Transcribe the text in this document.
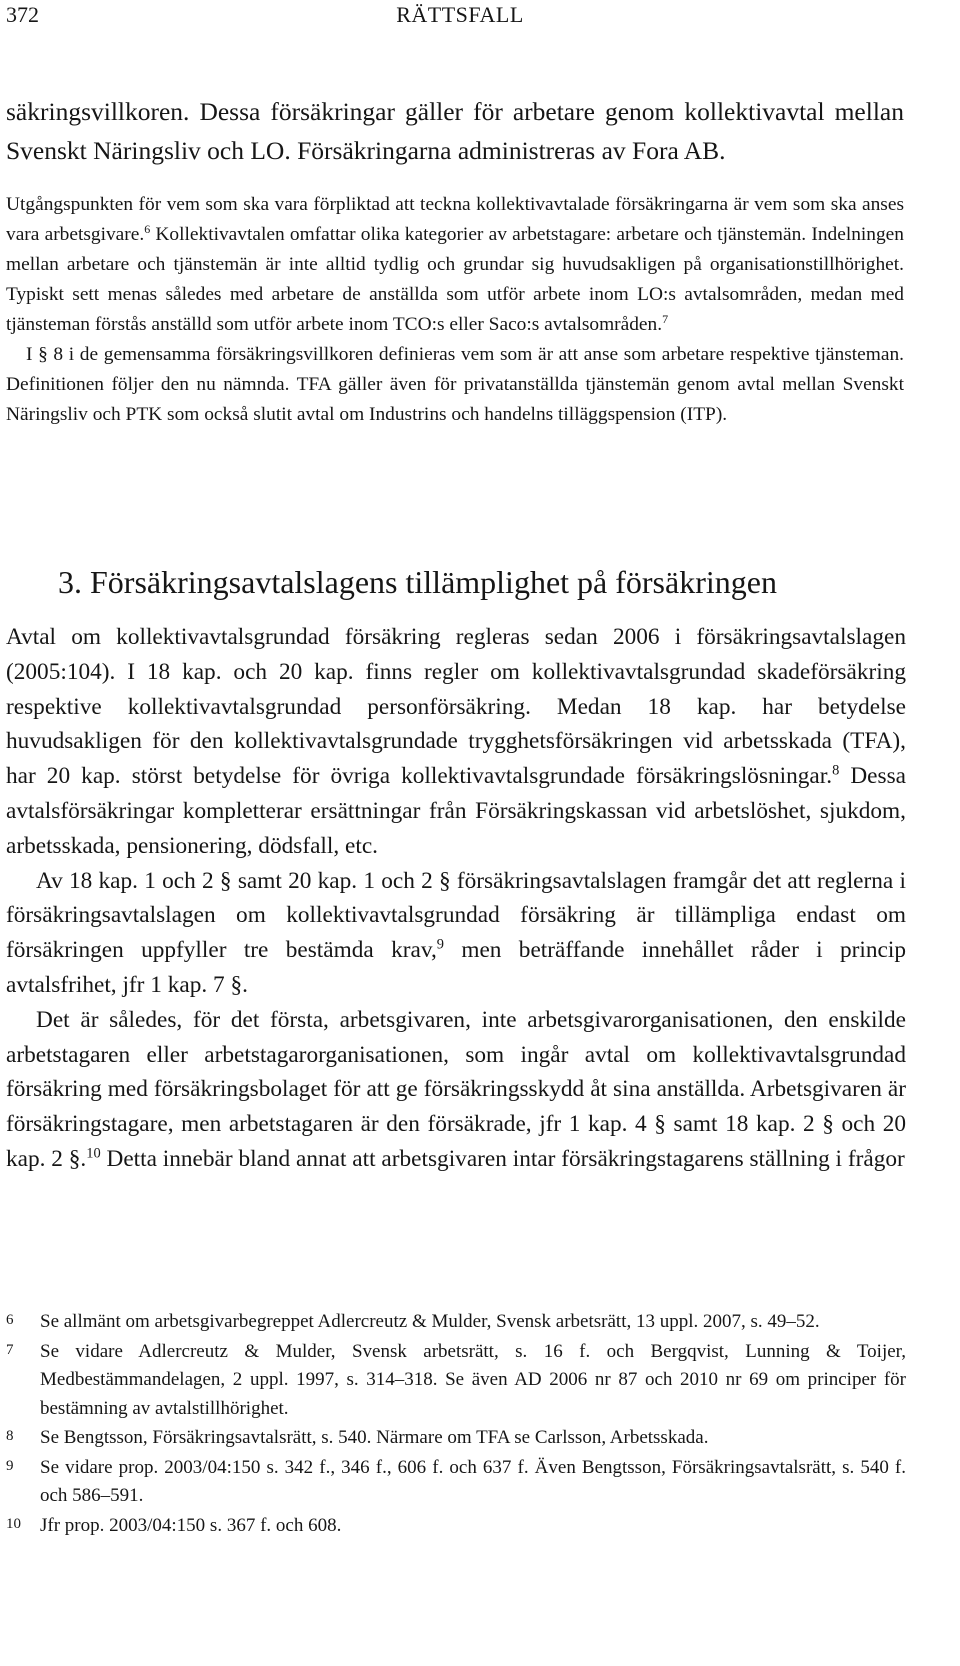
372	RÄTTSFALL

säkringsvillkoren. Dessa försäkringar gäller för arbetare genom kollektivavtal mellan Svenskt Näringsliv och LO. Försäkringarna administreras av Fora AB.

Utgångspunkten för vem som ska vara förpliktad att teckna kollektivavtalade försäkringarna är vem som ska anses vara arbetsgivare.$^6$ Kollektivavtalen omfattar olika kategorier av arbetstagare: arbetare och tjänstemän. Indelningen mellan arbetare och tjänstemän är inte alltid tydlig och grundar sig huvudsakligen på organisationstillhörighet. Typiskt sett menas således med arbetare de anställda som utför arbete inom LO:s avtalsområden, medan med tjänsteman förstås anställd som utför arbete inom TCO:s eller Saco:s avtalsområden.$^7$

I § 8 i de gemensamma försäkringsvillkoren definieras vem som är att anse som arbetare respektive tjänsteman. Definitionen följer den nu nämnda. TFA gäller även för privatanställda tjänstemän genom avtal mellan Svenskt Näringsliv och PTK som också slutit avtal om Industrins och handelns tilläggspension (ITP).

3. Försäkringsavtalslagens tillämplighet på försäkringen

Avtal om kollektivavtalsgrundad försäkring regleras sedan 2006 i försäkringsavtalslagen (2005:104). I 18 kap. och 20 kap. finns regler om kollektivavtalsgrundad skadeförsäkring respektive kollektivavtalsgrundad personförsäkring. Medan 18 kap. har betydelse huvudsakligen för den kollektivavtalsgrundade trygghetsförsäkringen vid arbetsskada (TFA), har 20 kap. störst betydelse för övriga kollektivavtalsgrundade försäkringslösningar.$^8$ Dessa avtalsförsäkringar kompletterar ersättningar från Försäkringskassan vid arbetslöshet, sjukdom, arbetsskada, pensionering, dödsfall, etc.

Av 18 kap. 1 och 2 § samt 20 kap. 1 och 2 § försäkringsavtalslagen framgår det att reglerna i försäkringsavtalslagen om kollektivavtalsgrundad försäkring är tillämpliga endast om försäkringen uppfyller tre bestämda krav,$^9$ men beträffande innehållet råder i princip avtalsfrihet, jfr 1 kap. 7 §.

Det är således, för det första, arbetsgivaren, inte arbetsgivarorganisationen, den enskilde arbetstagaren eller arbetstagarorganisationen, som ingår avtal om kollektivavtalsgrundad försäkring med försäkringsbolaget för att ge försäkringsskydd åt sina anställda. Arbetsgivaren är försäkringstagare, men arbetstagaren är den försäkrade, jfr 1 kap. 4 § samt 18 kap. 2 § och 20 kap. 2 §.$^{10}$ Detta innebär bland annat att arbetsgivaren intar försäkringstagarens ställning i frågor

6 Se allmänt om arbetsgivarbegreppet Adlercreutz & Mulder, Svensk arbetsrätt, 13 uppl. 2007, s. 49–52.

7 Se vidare Adlercreutz & Mulder, Svensk arbetsrätt, s. 16 f. och Bergqvist, Lunning & Toijer, Medbestämmandelagen, 2 uppl. 1997, s. 314–318. Se även AD 2006 nr 87 och 2010 nr 69 om principer för bestämning av avtalstillhörighet.

8 Se Bengtsson, Försäkringsavtalsrätt, s. 540. Närmare om TFA se Carlsson, Arbetsskada.

9 Se vidare prop. 2003/04:150 s. 342 f., 346 f., 606 f. och 637 f. Även Bengtsson, Försäkringsavtalsrätt, s. 540 f. och 586–591.

10 Jfr prop. 2003/04:150 s. 367 f. och 608.
